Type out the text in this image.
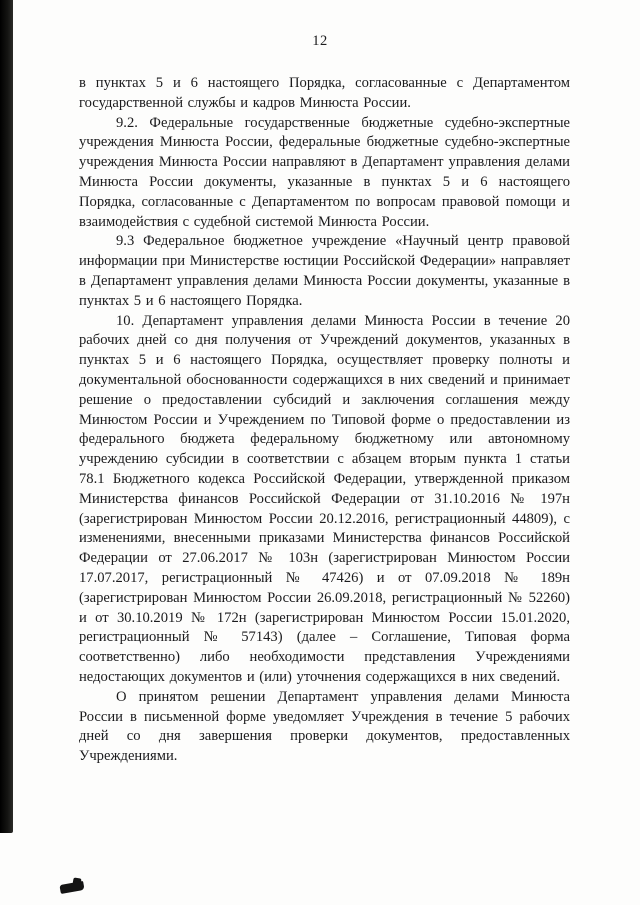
12

в пунктах 5 и 6 настоящего Порядка, согласованные с Департаментом государственной службы и кадров Минюста России.

9.2. Федеральные государственные бюджетные судебно-экспертные учреждения Минюста России, федеральные бюджетные судебно-экспертные учреждения Минюста России направляют в Департамент управления делами Минюста России документы, указанные в пунктах 5 и 6 настоящего Порядка, согласованные с Департаментом по вопросам правовой помощи и взаимодействия с судебной системой Минюста России.

9.3 Федеральное бюджетное учреждение «Научный центр правовой информации при Министерстве юстиции Российской Федерации» направляет в Департамент управления делами Минюста России документы, указанные в пунктах 5 и 6 настоящего Порядка.

10. Департамент управления делами Минюста России в течение 20 рабочих дней со дня получения от Учреждений документов, указанных в пунктах 5 и 6 настоящего Порядка, осуществляет проверку полноты и документальной обоснованности содержащихся в них сведений и принимает решение о предоставлении субсидий и заключения соглашения между Минюстом России и Учреждением по Типовой форме о предоставлении из федерального бюджета федеральному бюджетному или автономному учреждению субсидии в соответствии с абзацем вторым пункта 1 статьи 78.1 Бюджетного кодекса Российской Федерации, утвержденной приказом Министерства финансов Российской Федерации от 31.10.2016 № 197н (зарегистрирован Минюстом России 20.12.2016, регистрационный 44809), с изменениями, внесенными приказами Министерства финансов Российской Федерации от 27.06.2017 № 103н (зарегистрирован Минюстом России 17.07.2017, регистрационный № 47426) и от 07.09.2018 № 189н (зарегистрирован Минюстом России 26.09.2018, регистрационный № 52260) и от 30.10.2019 № 172н (зарегистрирован Минюстом России 15.01.2020, регистрационный № 57143) (далее – Соглашение, Типовая форма соответственно) либо необходимости представления Учреждениями недостающих документов и (или) уточнения содержащихся в них сведений.

О принятом решении Департамент управления делами Минюста России в письменной форме уведомляет Учреждения в течение 5 рабочих дней со дня завершения проверки документов, предоставленных Учреждениями.
